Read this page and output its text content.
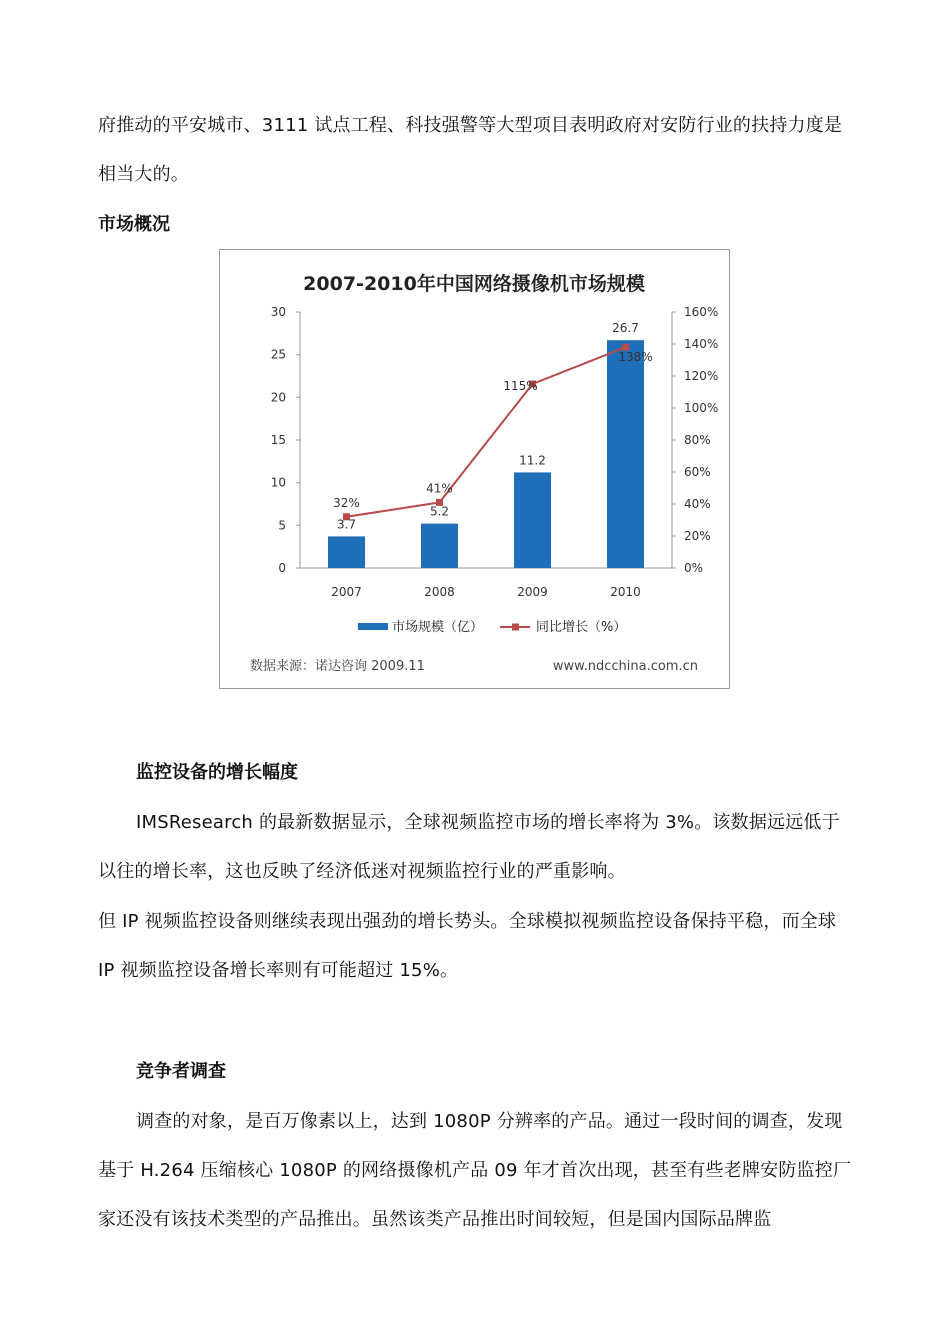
府推动的平安城市、3111 试点工程、科技强警等大型项目表明政府对安防行业的扶持力度是相当大的。

市场概况
2007-2010年中国网络摄像机市场规模
0
5
10
15
20
25
30
0%
20%
40%
60%
80%
100%
120%
140%
160%
2007	2008	2009	2010
3.7
5.2
11.2
26.7
32%
41%
115%
138%
市场规模（亿）	同比增长（%）
数据来源：诺达咨询 2009.11	www.ndcchina.com.cn
监控设备的增长幅度

IMSResearch 的最新数据显示，全球视频监控市场的增长率将为 3%。该数据远远低于以往的增长率，这也反映了经济低迷对视频监控行业的严重影响。

但 IP 视频监控设备则继续表现出强劲的增长势头。全球模拟视频监控设备保持平稳，而全球 IP 视频监控设备增长率则有可能超过 15%。

竞争者调查

调查的对象，是百万像素以上，达到 1080P 分辨率的产品。通过一段时间的调查，发现基于 H.264 压缩核心 1080P 的网络摄像机产品 09 年才首次出现，甚至有些老牌安防监控厂家还没有该技术类型的产品推出。虽然该类产品推出时间较短，但是国内国际品牌监
